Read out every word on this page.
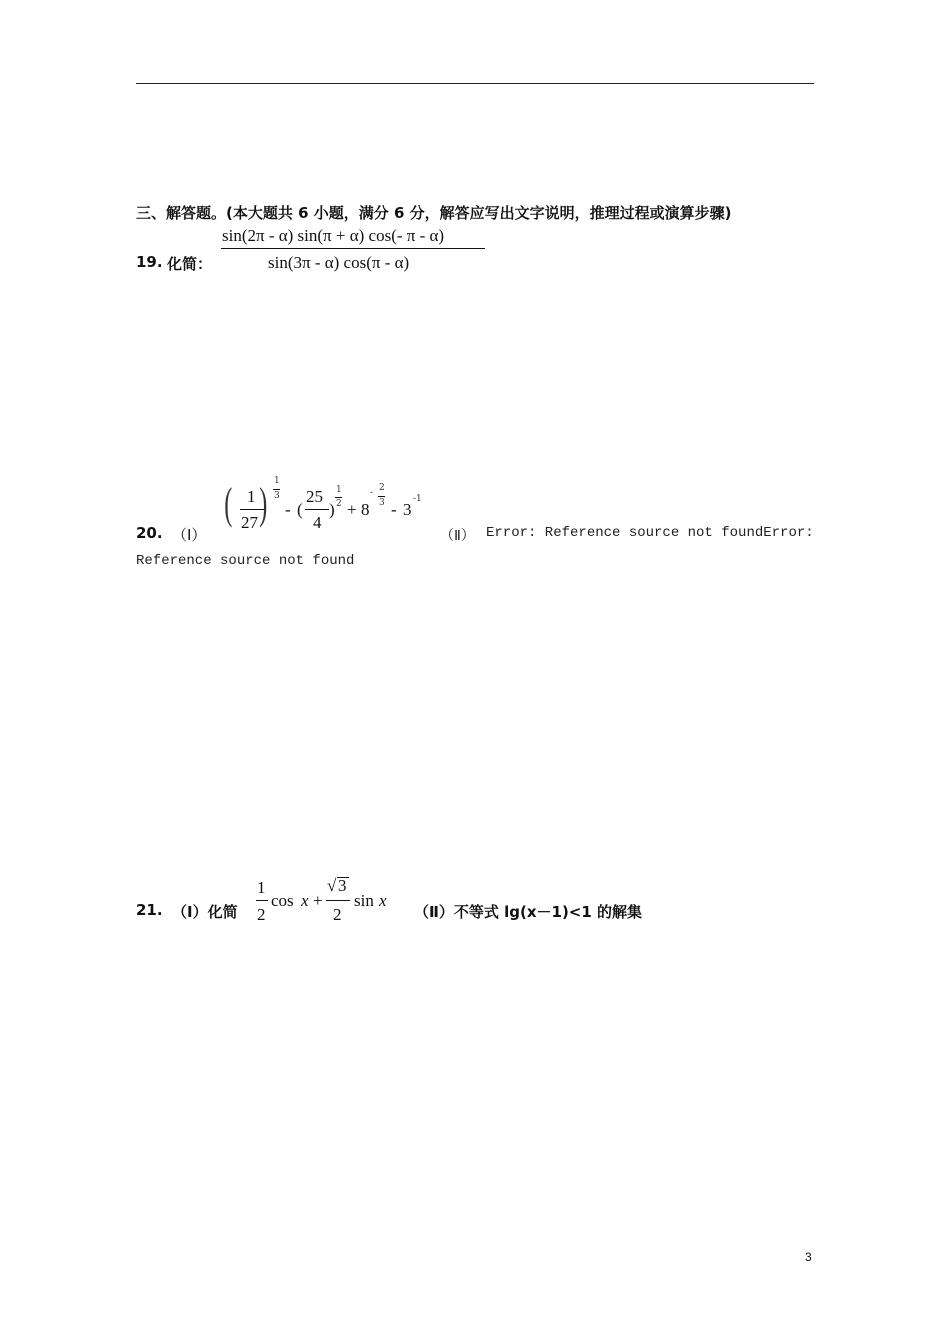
三、解答题。(本大题共 6 小题，满分 6 分，解答应写出文字说明，推理过程或演算步骤)
19. 化简：
sin(2π - α) sin(π + α) cos(- π - α)
sin(3π - α) cos(π - α)
20. （Ⅰ）
( 1
27 ) 1
3
- (
25
4
)
1
2 + 8
- 2
3 - 3
-1
（Ⅱ） Error: Reference source not foundError:
Reference source not found
21. （Ⅰ）化简
1
2
cos x +
√ 3
2
sin x
（Ⅱ）不等式 lg(x－1)<1 的解集
3
